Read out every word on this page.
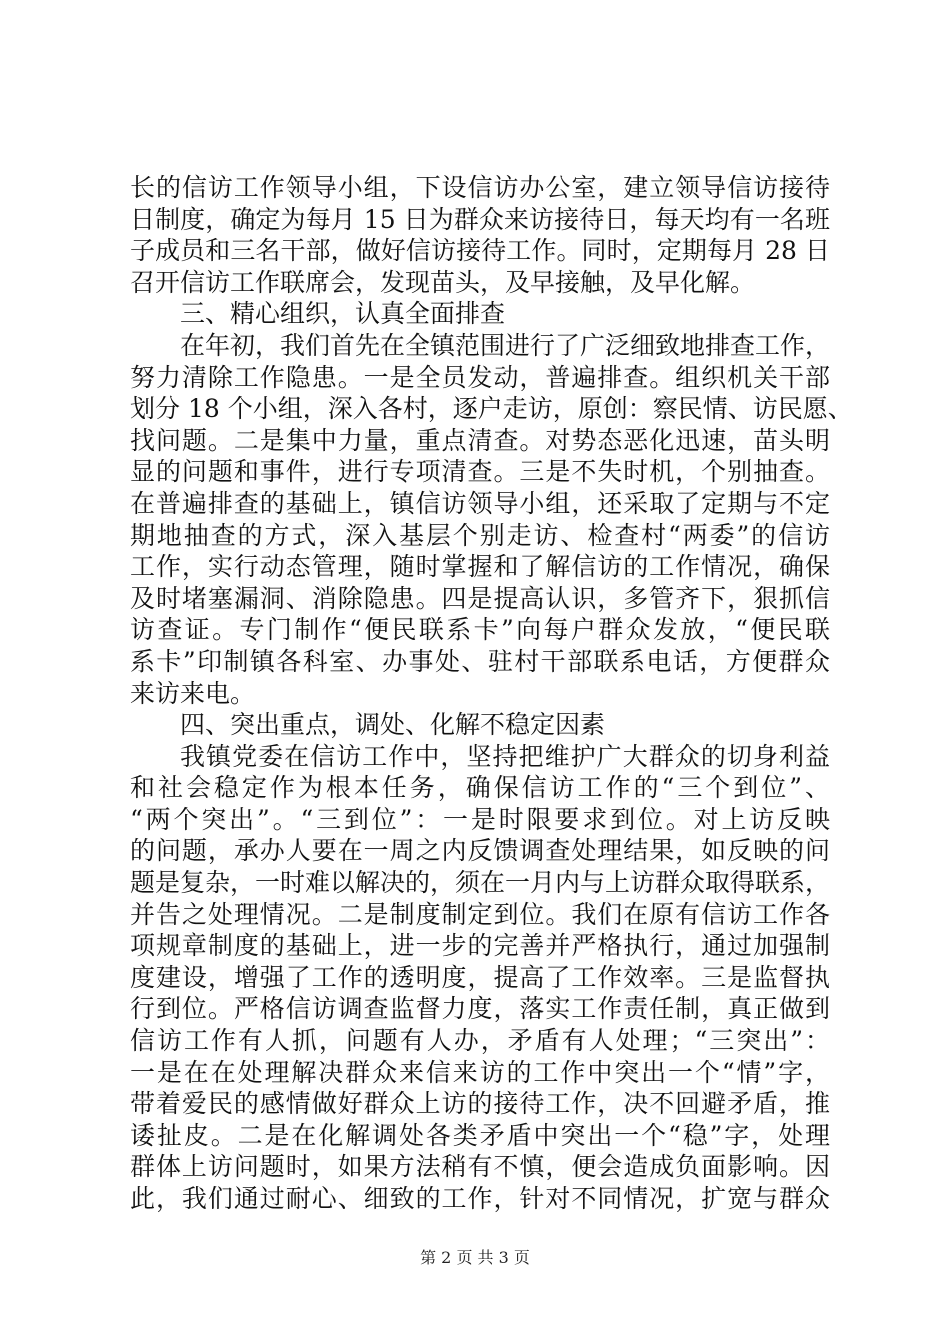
长的信访工作领导小组，下设信访办公室，建立领导信访接待
日制度，确定为每月 15 日为群众来访接待日，每天均有一名班
子成员和三名干部，做好信访接待工作。同时，定期每月 28 日
召开信访工作联席会，发现苗头，及早接触，及早化解。
三、精心组织，认真全面排查
在年初，我们首先在全镇范围进行了广泛细致地排查工作，
努力清除工作隐患。一是全员发动，普遍排查。组织机关干部
划分 18 个小组，深入各村，逐户走访，原创：察民情、访民愿、
找问题。二是集中力量，重点清查。对势态恶化迅速，苗头明
显的问题和事件，进行专项清查。三是不失时机，个别抽查。
在普遍排查的基础上，镇信访领导小组，还采取了定期与不定
期地抽查的方式，深入基层个别走访、检查村“两委”的信访
工作，实行动态管理，随时掌握和了解信访的工作情况，确保
及时堵塞漏洞、消除隐患。四是提高认识，多管齐下，狠抓信
访查证。专门制作“便民联系卡”向每户群众发放，“便民联
系卡”印制镇各科室、办事处、驻村干部联系电话，方便群众
来访来电。
四、突出重点，调处、化解不稳定因素
我镇党委在信访工作中，坚持把维护广大群众的切身利益
和社会稳定作为根本任务，确保信访工作的“三个到位”、
“两个突出”。“三到位”：一是时限要求到位。对上访反映
的问题，承办人要在一周之内反馈调查处理结果，如反映的问
题是复杂，一时难以解决的，须在一月内与上访群众取得联系，
并告之处理情况。二是制度制定到位。我们在原有信访工作各
项规章制度的基础上，进一步的完善并严格执行，通过加强制
度建设，增强了工作的透明度，提高了工作效率。三是监督执
行到位。严格信访调查监督力度，落实工作责任制，真正做到
信访工作有人抓，问题有人办，矛盾有人处理；“三突出”：
一是在在处理解决群众来信来访的工作中突出一个“情”字，
带着爱民的感情做好群众上访的接待工作，决不回避矛盾，推
诿扯皮。二是在化解调处各类矛盾中突出一个“稳”字，处理
群体上访问题时，如果方法稍有不慎，便会造成负面影响。因
此，我们通过耐心、细致的工作，针对不同情况，扩宽与群众
第 2 页 共 3 页
